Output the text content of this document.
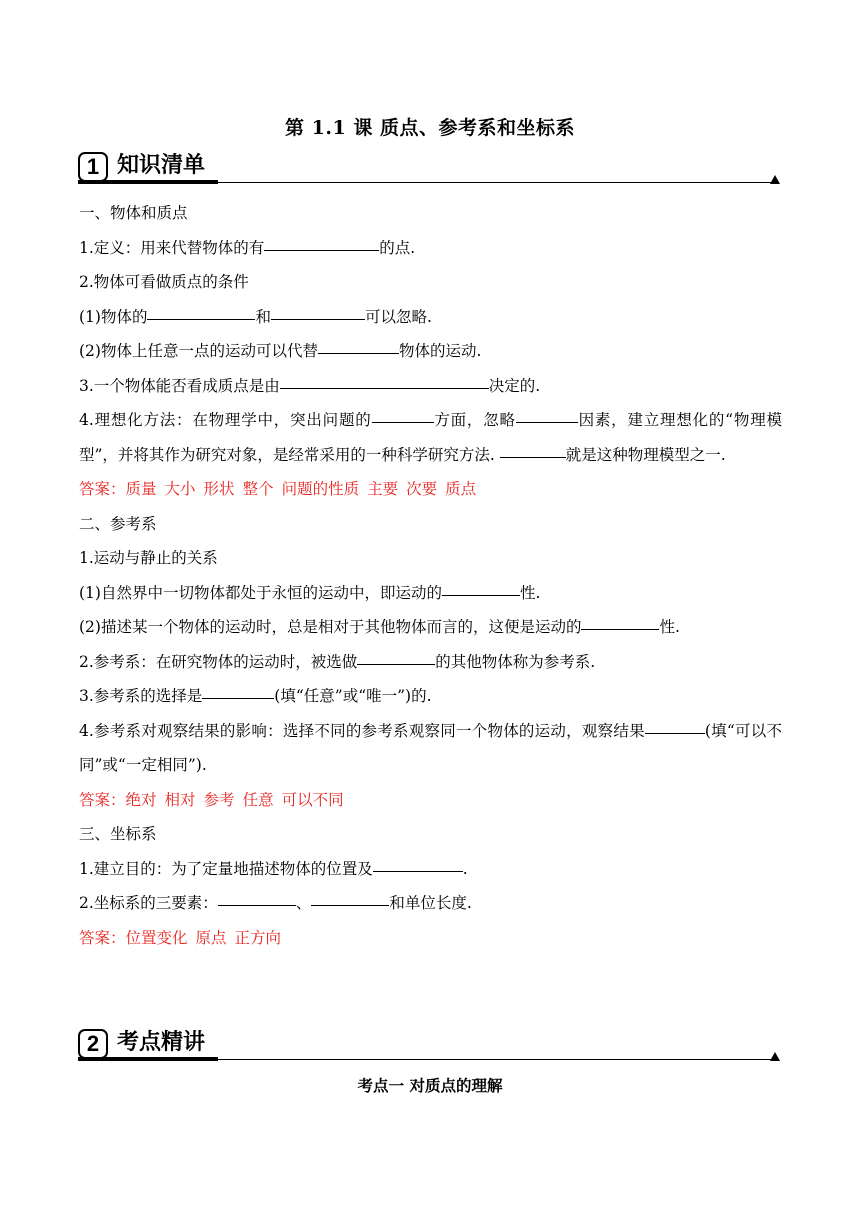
第 1.1 课 质点、参考系和坐标系
1 知识清单

一、物体和质点

1.定义：用来代替物体的有	的点.

2.物体可看做质点的条件

(1)物体的	和	可以忽略.

(2)物体上任意一点的运动可以代替	物体的运动.

3.一个物体能否看成质点是由	决定的.

4.理想化方法：在物理学中，突出问题的	方面，忽略	因素，建立理想化的“物理模型”，并将其作为研究对象，是经常采用的一种科学研究方法.	就是这种物理模型之一.

答案：质量 大小 形状 整个 问题的性质 主要 次要 质点

二、参考系

1.运动与静止的关系

(1)自然界中一切物体都处于永恒的运动中，即运动的	性.

(2)描述某一个物体的运动时，总是相对于其他物体而言的，这便是运动的	性.

2.参考系：在研究物体的运动时，被选做	的其他物体称为参考系.

3.参考系的选择是	(填“任意”或“唯一”)的.

4.参考系对观察结果的影响：选择不同的参考系观察同一个物体的运动，观察结果	(填“可以不同”或“一定相同”).

答案：绝对 相对 参考 任意 可以不同

三、坐标系

1.建立目的：为了定量地描述物体的位置及	.

2.坐标系的三要素：	、	和单位长度.

答案：位置变化 原点 正方向

2 考点精讲
考点一 对质点的理解
